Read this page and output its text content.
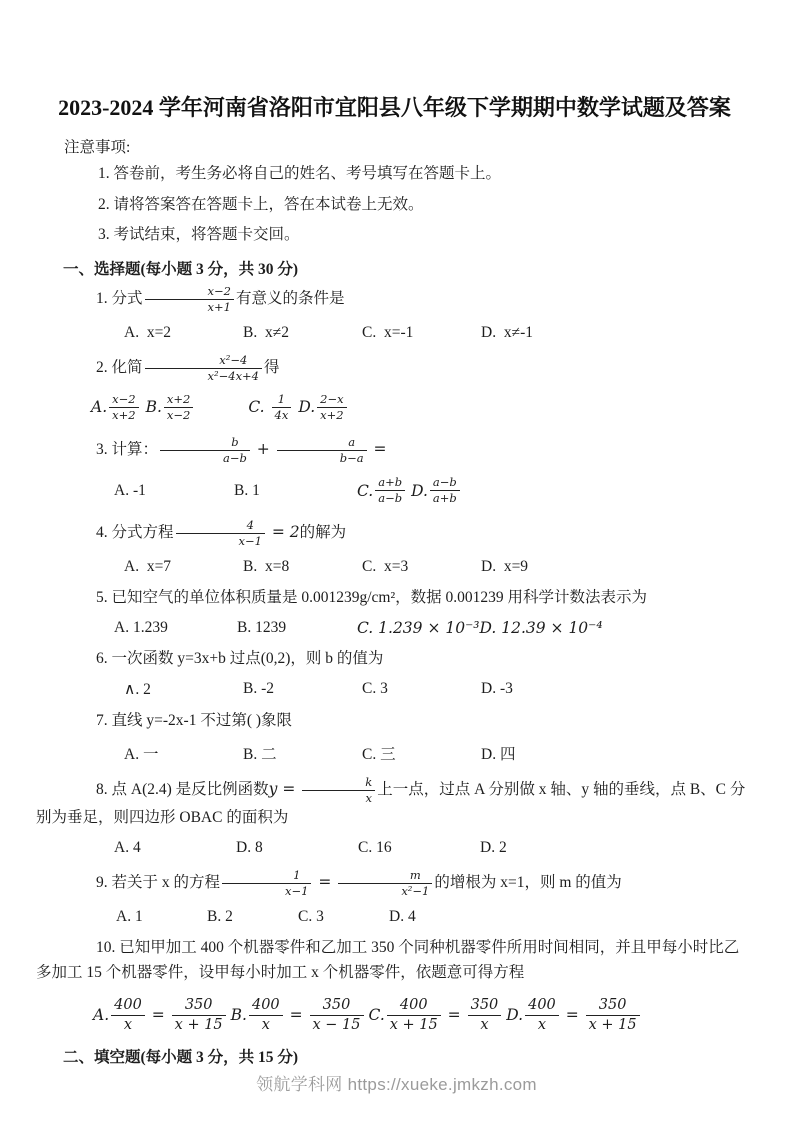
2023-2024 学年河南省洛阳市宜阳县八年级下学期期中数学试题及答案
注意事项:
1. 答卷前，考生务必将自己的姓名、考号填写在答题卡上。
2. 请将答案答在答题卡上，答在本试卷上无效。
3. 考试结束，将答题卡交回。
一、选择题(每小题 3 分，共 30 分)
1. 分式 $\frac{x-2}{x+1}$ 有意义的条件是
A.  x=2	B.  x≠2	C.  x=-1	D.  x≠-1
2. 化简 $\frac{\text{x²−4}}{\text{x²−4x+4}}$ 得
A. $\frac{x-2}{x+2} B$. $\frac{x+2}{x-2}$	C. $\frac{1}{4x} D$. $\frac{2-x}{x+2}$
3. 计算： $\frac{b}{a-b} + \frac{a}{b-a}$ =
A. -1	B. 1	C. $\frac{a+b}{a-b} D$. $\frac{a-b}{a+b}$
4. 分式方程 $\frac{4}{x-1} = 2$的解为
A.  x=7	B.  x=8	C.  x=3	D.  x=9
5. 已知空气的单位体积质量是 0.001239g/cm²，数据 0.001239 用科学计数法表示为
A. 1.239	B. 1239	C. 1.239 × 10⁻³ D. 12.39 × 10⁻⁴
6. 一次函数 y=3x+b 过点(0,2)，则 b 的值为
∧. 2	B. -2	C. 3	D. -3
7. 直线 y=-2x-1 不过第( )象限
A. 一	B. 二	C. 三	D. 四
8. 点 A(2.4) 是反比例函数$y = \frac{k}{x}$ 上一点，过点 A 分别做 x 轴、y 轴的垂线，点 B、C 分别为垂足，则四边形 OBAC 的面积为
A. 4	D. 8	C. 16	D. 2
9. 若关于 x 的方程 $\frac{1}{x-1} = \frac{m}{\text{x²−1}}$ 的增根为 x=1，则 m 的值为
A. 1	B. 2	C. 3	D. 4
10. 已知甲加工 400 个机器零件和乙加工 350 个同种机器零件所用时间相同，并且甲每小时比乙多加工 15 个机器零件，设甲每小时加工 x 个机器零件，依题意可得方程
A. $\frac{400}{x} = \frac{350}{x + 15} B$. $\frac{400}{x} = \frac{350}{x - 15} C$. $\frac{400}{x + 15} = \frac{350}{x} D$. $\frac{400}{x} = \frac{350}{x + 15}$
二、填空题(每小题 3 分，共 15 分)
领航学科网 https://xueke.jmkzh.com
